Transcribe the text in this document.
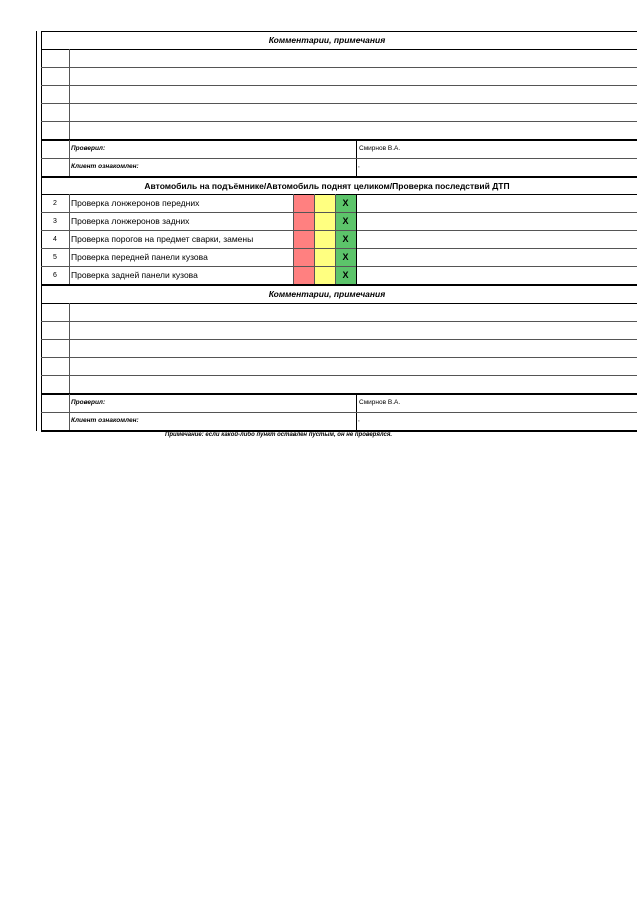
Комментарии, примечания
Проверил:	Смирнов В.А.
Клиент ознакомлен:	,
Автомобиль на подъёмнике/Автомобиль поднят целиком/Проверка последствий ДТП
2	Проверка лонжеронов передних	X
3	Проверка лонжеронов задних	X
4	Проверка порогов на предмет сварки, замены	X
5	Проверка передней панели кузова	X
6	Проверка задней панели кузова	X
Комментарии, примечания
Проверил:	Смирнов В.А.
Клиент ознакомлен:	,
Примечание: если какой-либо пункт оставлен пустым, он не проверялся.
